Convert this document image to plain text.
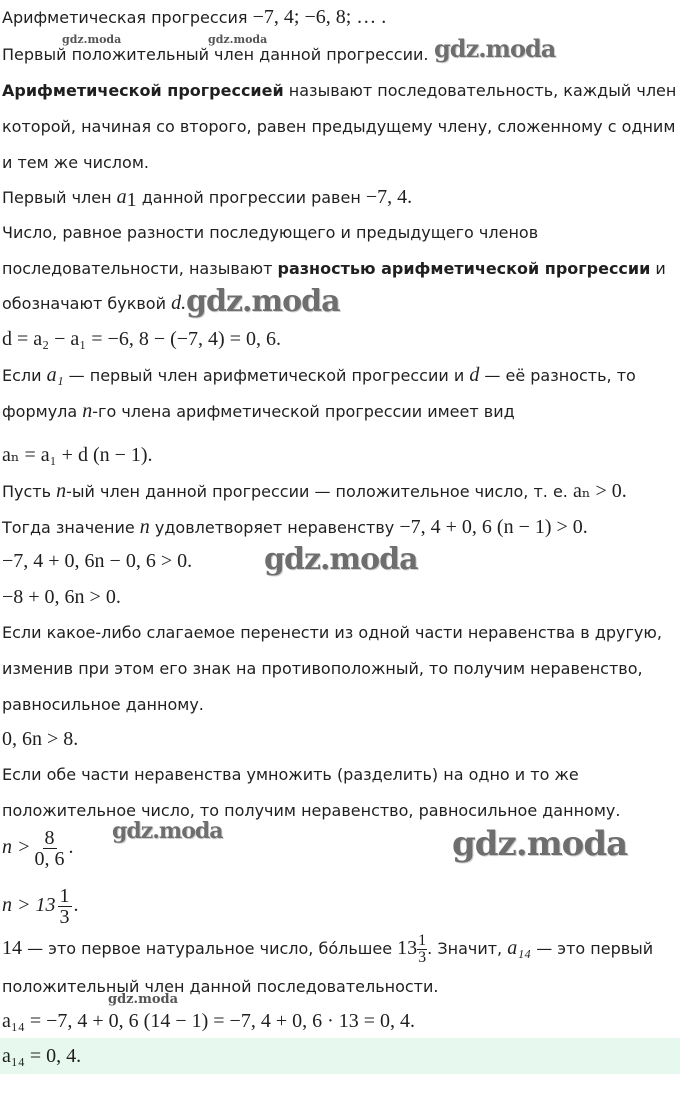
Арифметическая прогрессия −7, 4; −6, 8; … .
Первый положительный член данной прогрессии.
Арифметической прогрессией называют последовательность, каждый член
которой, начиная со второго, равен предыдущему члену, сложенному с одним
и тем же числом.
Первый член $a_1$ данной прогрессии равен −7, 4.
Число, равное разности последующего и предыдущего членов
последовательности, называют разностью арифметической прогрессии и
обозначают буквой d.
d = a₂ − a₁ = −6, 8 − (−7, 4) = 0, 6.
Если a₁ — первый член арифметической прогрессии и d — её разность, то
формула n-го члена арифметической прогрессии имеет вид
aₙ = a₁ + d (n − 1).
Пусть n-ый член данной прогрессии — положительное число, т. е. aₙ > 0.
Тогда значение n удовлетворяет неравенству −7, 4 + 0, 6 (n − 1) > 0.
−7, 4 + 0, 6n − 0, 6 > 0.
−8 + 0, 6n > 0.
Если какое-либо слагаемое перенести из одной части неравенства в другую,
изменив при этом его знак на противоположный, то получим неравенство,
равносильное данному.
0, 6n > 8.
Если обе части неравенства умножить (разделить) на одно и то же
положительное число, то получим неравенство, равносильное данному.
$n > \frac{8}{0, 6}$ .
$n > 13 \frac{1}{3}$ .
14 — это первое натуральное число, бо́льшее $13 \frac{1}{3}$ . Значит, a₁₄ — это первый
положительный член данной последовательности.
a₁₄ = −7, 4 + 0, 6 (14 − 1) = −7, 4 + 0, 6 · 13 = 0, 4.
a₁₄ = 0, 4.
gdz.moda	gdz.moda	gdz.moda
gdz.moda
gdz.moda
gdz.moda	gdz.moda
gdz.moda
